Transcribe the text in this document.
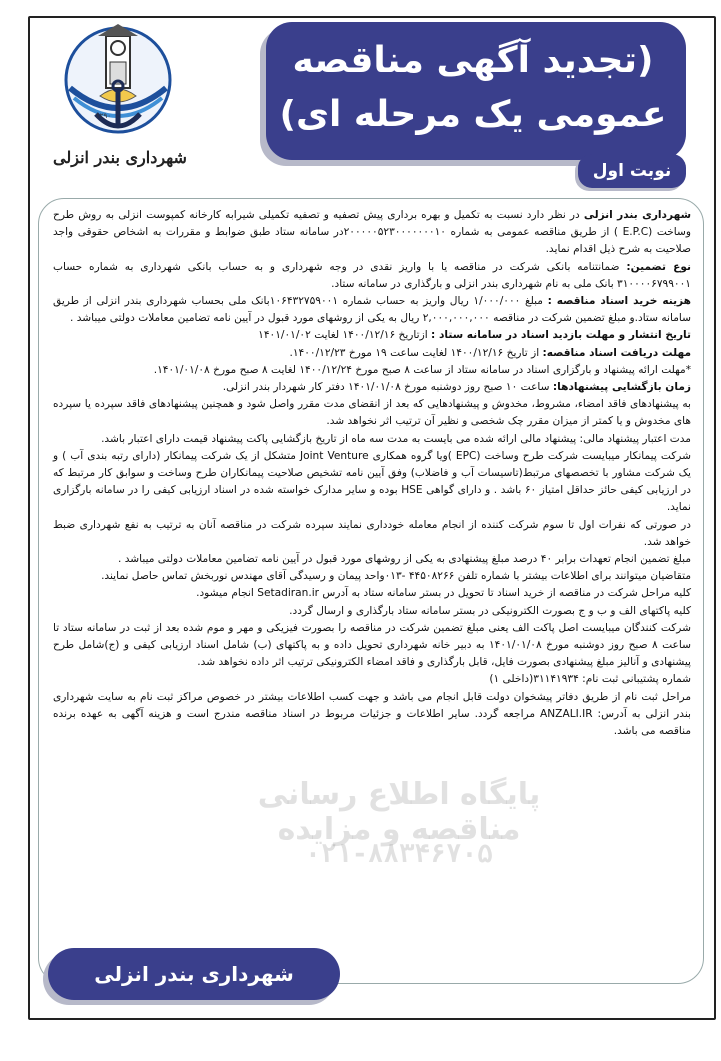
۱۲۹۰
شهرداری بندر انزلی
(تجدید آگهی مناقصه
عمومی یک مرحله ای)
نوبت اول
پایگاه اطلاع رسانی مناقصه و مزایده
۰۲۱-۸۸۳۴۶۷۰۵

شهرداری بندر انزلی در نظر دارد نسبت به تکمیل و بهره برداری پیش تصفیه و تصفیه تکمیلی شیرابه کارخانه کمپوست انزلی به روش طرح وساخت (E.P.C ) از طریق مناقصه عمومی به شماره ۲۰۰۰۰۰۵۲۳۰۰۰۰۰۰۰۱۰در سامانه ستاد طبق ضوابط و مقررات به اشخاص حقوقی واجد صلاحیت به شرح ذیل اقدام نماید.

نوع تضمین: ضمانتنامه بانکی شرکت در مناقصه یا با واریز نقدی در وجه شهرداری و به حساب بانکی شهرداری به شماره حساب ۳۱۰۰۰۰۶۷۹۹۰۰۱ بانک ملی به نام شهرداری بندر انزلی و بارگذاری در سامانه ستاد.

هزینه خرید اسناد مناقصه : مبلغ ۱/۰۰۰/۰۰۰ ریال واریز به حساب شماره ۱۰۶۴۳۲۷۵۹۰۰۱بانک ملی بحساب شهرداری بندر انزلی از طریق سامانه ستاد.و مبلغ تضمین شرکت در مناقصه ۲,۰۰۰,۰۰۰,۰۰۰ ریال به یکی از روشهای مورد قبول در آیین نامه تضامین معاملات دولتی میباشد .

تاریخ انتشار و مهلت بازدید اسناد در سامانه ستاد : ازتاریخ ۱۴۰۰/۱۲/۱۶ لغایت ۱۴۰۱/۰۱/۰۲

مهلت دریافت اسناد مناقصه: از تاریخ ۱۴۰۰/۱۲/۱۶ لغایت ساعت ۱۹ مورخ ۱۴۰۰/۱۲/۲۳.

*مهلت ارائه پیشنهاد و بارگزاری اسناد در سامانه ستاد از ساعت ۸ صبح مورخ ۱۴۰۰/۱۲/۲۴ لغایت ۸ صبح مورخ ۱۴۰۱/۰۱/۰۸.

زمان بازگشایی پیشنهادها: ساعت ۱۰ صبح روز دوشنبه مورخ ۱۴۰۱/۰۱/۰۸ دفتر کار شهردار بندر انزلی.

به پیشنهادهای فاقد امضاء، مشروط، مخدوش و پیشنهادهایی که بعد از انقضای مدت مقرر واصل شود و همچنین پیشنهادهای فاقد سپرده یا سپرده های مخدوش و یا کمتر از میزان مقرر چک شخصی و نظیر آن ترتیب اثر نخواهد شد.

مدت اعتبار پیشنهاد مالی: پیشنهاد مالی ارائه شده می بایست به مدت سه ماه از تاریخ بازگشایی پاکت پیشنهاد قیمت دارای اعتبار باشد.

شرکت پیمانکار میبایست شرکت طرح وساخت (EPC )ویا گروه همکاری Joint Venture متشکل از یک شرکت پیمانکار (دارای رتبه بندی آب ) و یک شرکت مشاور با تخصصهای مرتبط(تاسیسات آب و فاضلاب) وفق آیین نامه تشخیص صلاحیت پیمانکاران طرح وساخت و سوابق کار مرتبط که در ارزیابی کیفی حائز حداقل امتیاز ۶۰ باشد . و دارای گواهی HSE بوده و سایر مدارک خواسته شده در اسناد ارزیابی کیفی را در سامانه بارگزاری نماید.

در صورتی که نفرات اول تا سوم شرکت کننده از انجام معامله خودداری نمایند سپرده شرکت در مناقصه آنان به ترتیب به نفع شهرداری ضبط خواهد شد.

مبلغ تضمین انجام تعهدات برابر ۴۰ درصد مبلغ پیشنهادی به یکی از روشهای مورد قبول در آیین نامه تضامین معاملات دولتی میباشد .

متقاضیان میتوانند برای اطلاعات بیشتر با شماره تلفن ۴۴۵۰۸۲۶۶ -۰۱۳واحد پیمان و رسیدگی آقای مهندس نوربخش تماس حاصل نمایند.

کلیه مراحل شرکت در مناقصه از خرید اسناد تا تحویل در بستر سامانه ستاد به آدرس Setadiran.ir انجام میشود.

کلیه پاکتهای الف و ب و ج بصورت الکترونیکی در بستر سامانه ستاد بارگذاری و ارسال گردد.

شرکت کنندگان میبایست اصل پاکت الف یعنی مبلغ تضمین شرکت در مناقصه را بصورت فیزیکی و مهر و موم شده بعد از ثبت در سامانه ستاد تا ساعت ۸ صبح روز دوشنبه مورخ ۱۴۰۱/۰۱/۰۸ به دبیر خانه شهرداری تحویل داده و به پاکتهای (ب) شامل اسناد ارزیابی کیفی و (ج)شامل طرح پیشنهادی و آنالیز مبلغ پیشنهادی بصورت فایل، قابل بارگذاری و فاقد امضاء الکترونیکی ترتیب اثر داده نخواهد شد.

شماره پشتیبانی ثبت نام: ۳۱۱۴۱۹۳۴(داخلی ۱)

مراحل ثبت نام از طریق دفاتر پیشخوان دولت قابل انجام می باشد و جهت کسب اطلاعات بیشتر در خصوص مراکز ثبت نام به سایت شهرداری بندر انزلی به آدرس: ANZALI.IR مراجعه گردد. سایر اطلاعات و جزئیات مربوط در اسناد مناقصه مندرج است و هزینه آگهی به عهده برنده مناقصه می باشد.

شهرداری بندر انزلی
